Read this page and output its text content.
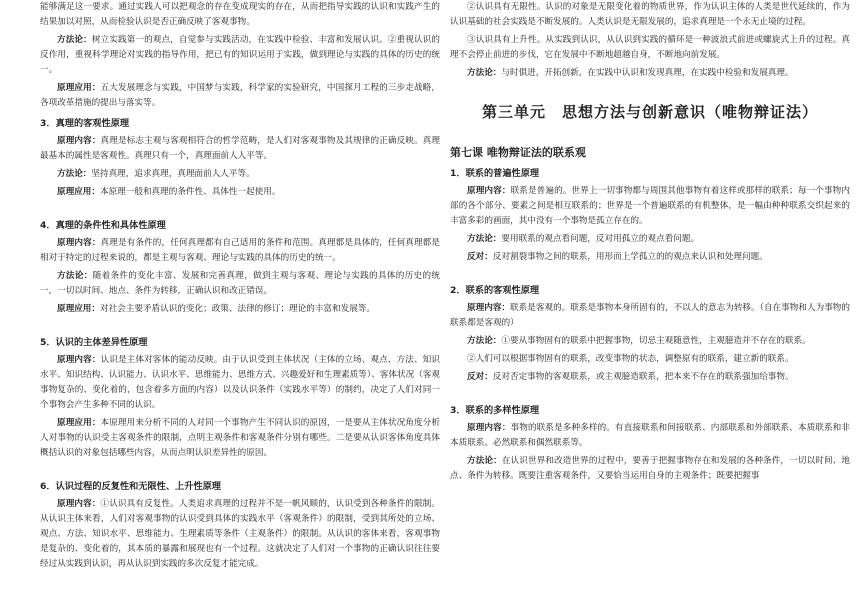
能够满足这一要求。通过实践人可以把观念的存在变成现实的存在，从而把指导实践的认识和实践产生的结果加以对照，从而检验认识是否正确反映了客观事物。

方法论：树立实践第一的观点，自觉参与实践活动，在实践中检验、丰富和发展认识。②重视认识的反作用，重视科学理论对实践的指导作用，把已有的知识运用于实践，做到理论与实践的具体的历史的统一。

原理应用：五大发展理念与实践，中国梦与实践，科学家的实验研究，中国探月工程的三步走战略，各项改革措施的提出与落实等。

3．真理的客观性原理

原理内容：真理是标志主观与客观相符合的哲学范畴，是人们对客观事物及其规律的正确反映。真理最基本的属性是客观性。真理只有一个，真理面前人人平等。

方法论：坚持真理，追求真理，真理面前人人平等。

原理应用：本原理一般和真理的条件性、具体性一起使用。

4．真理的条件性和具体性原理

原理内容：真理是有条件的，任何真理都有自己适用的条件和范围。真理都是具体的，任何真理都是相对于特定的过程来说的，都是主观与客观、理论与实践的具体的历史的统一。

方法论：随着条件的变化丰富、发展和完善真理，做到主观与客观、理论与实践的具体的历史的统一，一切以时间、地点、条件为转移，正确认识和改正错误。

原理应用：对社会主要矛盾认识的变化；政策、法律的修订；理论的丰富和发展等。

5．认识的主体差异性原理

原理内容：认识是主体对客体的能动反映。由于认识受到主体状况（主体的立场、观点、方法、知识水平、知识结构、认识能力、认识水平、思维能力、思维方式、兴趣爱好和生理素质等）、客体状况（客观事物复杂的、变化着的，包含着多方面的内容）以及认识条件（实践水平等）的制约，决定了人们对同一个事物会产生多种不同的认识。

原理应用：本原理用来分析不同的人对同一个事物产生不同认识的原因，一是要从主体状况角度分析人对事物的认识受主客观条件的限制，点明主观条件和客观条件分别有哪些。二是要从认识客体角度具体概括认识的对象包括哪些内容，从而点明认识差异性的原因。

6．认识过程的反复性和无限性、上升性原理

原理内容：①认识具有反复性。人类追求真理的过程并不是一帆风顺的，认识受到各种条件的限制。从认识主体来看，人们对客观事物的认识受到具体的实践水平（客观条件）的限制，受到其所处的立场、观点、方法、知识水平、思维能力、生理素质等条件（主观条件）的限制。从认识的客体来看，客观事物是复杂的、变化着的，其本质的暴露和展现也有一个过程。这就决定了人们对一个事物的正确认识往往要经过从实践到认识，再从认识到实践的多次反复才能完成。

②认识具有无限性。认识的对象是无限变化着的物质世界，作为认识主体的人类是世代延续的，作为认识基础的社会实践是不断发展的。人类认识是无限发展的，追求真理是一个永无止境的过程。

③认识具有上升性。从实践到认识，从认识到实践的循环是一种波浪式前进或螺旋式上升的过程。真理不会停止前进的步伐，它在发展中不断地超越自身，不断地向前发展。

方法论：与时俱进，开拓创新，在实践中认识和发现真理，在实践中检验和发展真理。

第三单元　思想方法与创新意识（唯物辩证法）
第七课 唯物辩证法的联系观
1．联系的普遍性原理

原理内容：联系是普遍的。世界上一切事物都与周围其他事物有着这样或那样的联系；每一个事物内部的各个部分、要素之间是相互联系的；世界是一个普遍联系的有机整体，是一幅由种种联系交织起来的丰富多彩的画面，其中没有一个事物是孤立存在的。

方法论：要用联系的观点看问题，反对用孤立的观点看问题。

反对：反对割裂事物之间的联系，用形而上学孤立的的观点来认识和处理问题。

2．联系的客观性原理

原理内容：联系是客观的。联系是事物本身所固有的，不以人的意志为转移。（自在事物和人为事物的联系都是客观的）

方法论：①要从事物固有的联系中把握事物，切忌主观随意性，主观臆造并不存在的联系。

②人们可以根据事物固有的联系，改变事物的状态，调整原有的联系，建立新的联系。

反对：反对否定事物的客观联系，或主观臆造联系，把本来不存在的联系强加给事物。

3．联系的多样性原理

原理内容：事物的联系是多种多样的。有直接联系和间接联系、内部联系和外部联系、本质联系和非本质联系、必然联系和偶然联系等。

方法论：在认识世界和改造世界的过程中，要善于把握事物存在和发展的各种条件，一切以时间、地点、条件为转移。既要注重客观条件，又要恰当运用自身的主观条件；既要把握事
